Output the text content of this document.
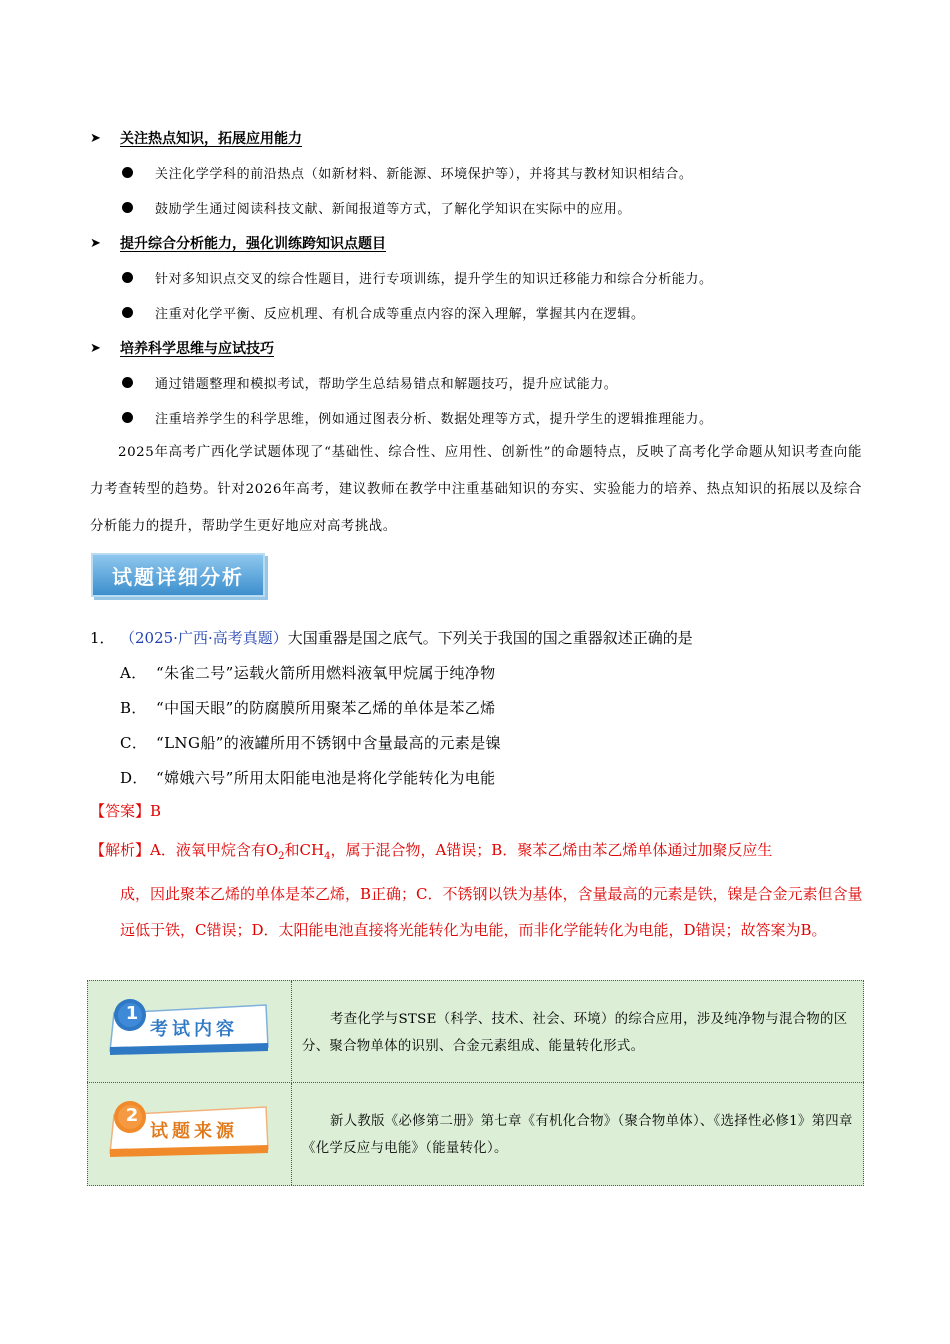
➤	关注热点知识，拓展应用能力
关注化学学科的前沿热点（如新材料、新能源、环境保护等），并将其与教材知识相结合。
鼓励学生通过阅读科技文献、新闻报道等方式，了解化学知识在实际中的应用。
➤	提升综合分析能力，强化训练跨知识点题目
针对多知识点交叉的综合性题目，进行专项训练，提升学生的知识迁移能力和综合分析能力。
注重对化学平衡、反应机理、有机合成等重点内容的深入理解，掌握其内在逻辑。
➤	培养科学思维与应试技巧
通过错题整理和模拟考试，帮助学生总结易错点和解题技巧，提升应试能力。
注重培养学生的科学思维，例如通过图表分析、数据处理等方式，提升学生的逻辑推理能力。
2025年高考广西化学试题体现了“基础性、综合性、应用性、创新性”的命题特点，反映了高考化学命题从知识考查向能力考查转型的趋势。针对2026年高考，建议教师在教学中注重基础知识的夯实、实验能力的培养、热点知识的拓展以及综合分析能力的提升，帮助学生更好地应对高考挑战。
试题详细分析
1． （2025·广西·高考真题） 大国重器是国之底气。下列关于我国的国之重器叙述正确的是
A． “朱雀二号”运载火箭所用燃料液氧甲烷属于纯净物
B． “中国天眼”的防腐膜所用聚苯乙烯的单体是苯乙烯
C． “LNG船”的液罐所用不锈钢中含量最高的元素是镍
D． “嫦娥六号”所用太阳能电池是将化学能转化为电能
【答案】B
【解析】A．液氧甲烷含有$O_2$和$CH_4$，属于混合物，A错误；B．聚苯乙烯由苯乙烯单体通过加聚反应生
成，因此聚苯乙烯的单体是苯乙烯，B正确；C．不锈钢以铁为基体，含量最高的元素是铁，镍是合金元素但含量远低于铁，C错误；D．太阳能电池直接将光能转化为电能，而非化学能转化为电能，D错误；故答案为B。
1
考试内容	考查化学与STSE（科学、技术、社会、环境）的综合应用，涉及纯净物与混合物的区分、聚合物单体的识别、合金元素组成、能量转化形式。
2
试题来源	新人教版《必修第二册》第七章《有机化合物》（聚合物单体）、《选择性必修1》第四章《化学反应与电能》（能量转化）。
